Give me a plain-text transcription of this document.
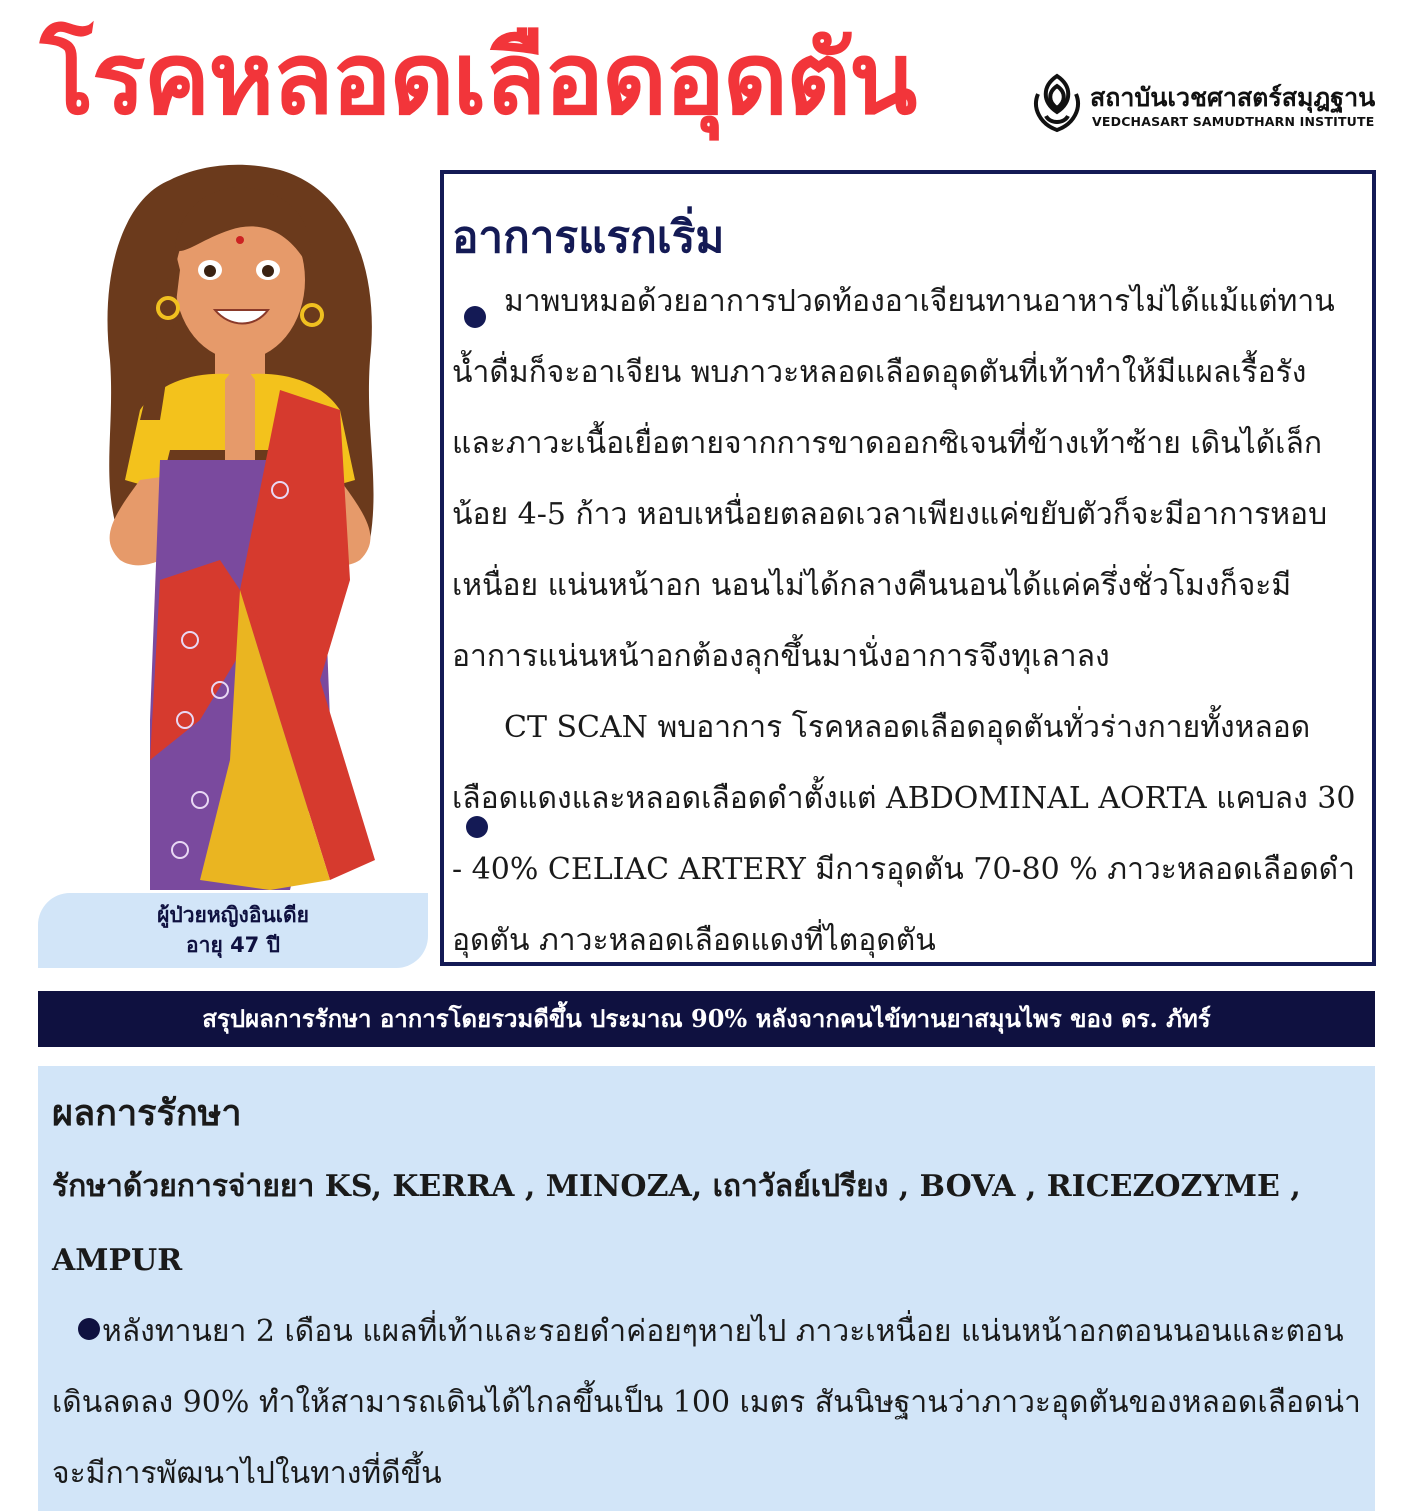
โรคหลอดเลือดอุดตัน	สถาบันเวชศาสตร์สมุฎฐาน
VEDCHASART SAMUDTHARN INSTITUTE
ผู้ป่วยหญิงอินเดีย
อายุ 47 ปี
อาการแรกเริ่ม
มาพบหมอด้วยอาการปวดท้องอาเจียนทานอาหารไม่ได้แม้แต่ทานน้ำดื่มก็จะอาเจียน พบภาวะหลอดเลือดอุดตันที่เท้าทำให้มีแผลเรื้อรัง และภาวะเนื้อเยื่อตายจากการขาดออกซิเจนที่ข้างเท้าซ้าย เดินได้เล็กน้อย 4-5 ก้าว หอบเหนื่อยตลอดเวลาเพียงแค่ขยับตัวก็จะมีอาการหอบเหนื่อย แน่นหน้าอก นอนไม่ได้กลางคืนนอนได้แค่ครึ่งชั่วโมงก็จะมีอาการแน่นหน้าอกต้องลุกขึ้นมานั่งอาการจึงทุเลาลง
CT SCAN พบอาการ โรคหลอดเลือดอุดตันทั่วร่างกายทั้งหลอดเลือดแดงและหลอดเลือดดำตั้งแต่ ABDOMINAL AORTA แคบลง 30 - 40% CELIAC ARTERY มีการอุดตัน 70-80 % ภาวะหลอดเลือดดำอุดตัน ภาวะหลอดเลือดแดงที่ไตอุดตัน
สรุปผลการรักษา อาการโดยรวมดีขึ้น ประมาณ 90% หลังจากคนไข้ทานยาสมุนไพร ของ ดร. ภัทร์
ผลการรักษา
รักษาด้วยการจ่ายยา KS, KERRA , MINOZA, เถาวัลย์เปรียง , BOVA , RICEZOZYME , AMPUR
หลังทานยา 2 เดือน แผลที่เท้าและรอยดำค่อยๆหายไป ภาวะเหนื่อย แน่นหน้าอกตอนนอนและตอนเดินลดลง 90% ทำให้สามารถเดินได้ไกลขึ้นเป็น 100 เมตร สันนิษฐานว่าภาวะอุดตันของหลอดเลือดน่าจะมีการพัฒนาไปในทางที่ดีขึ้น
